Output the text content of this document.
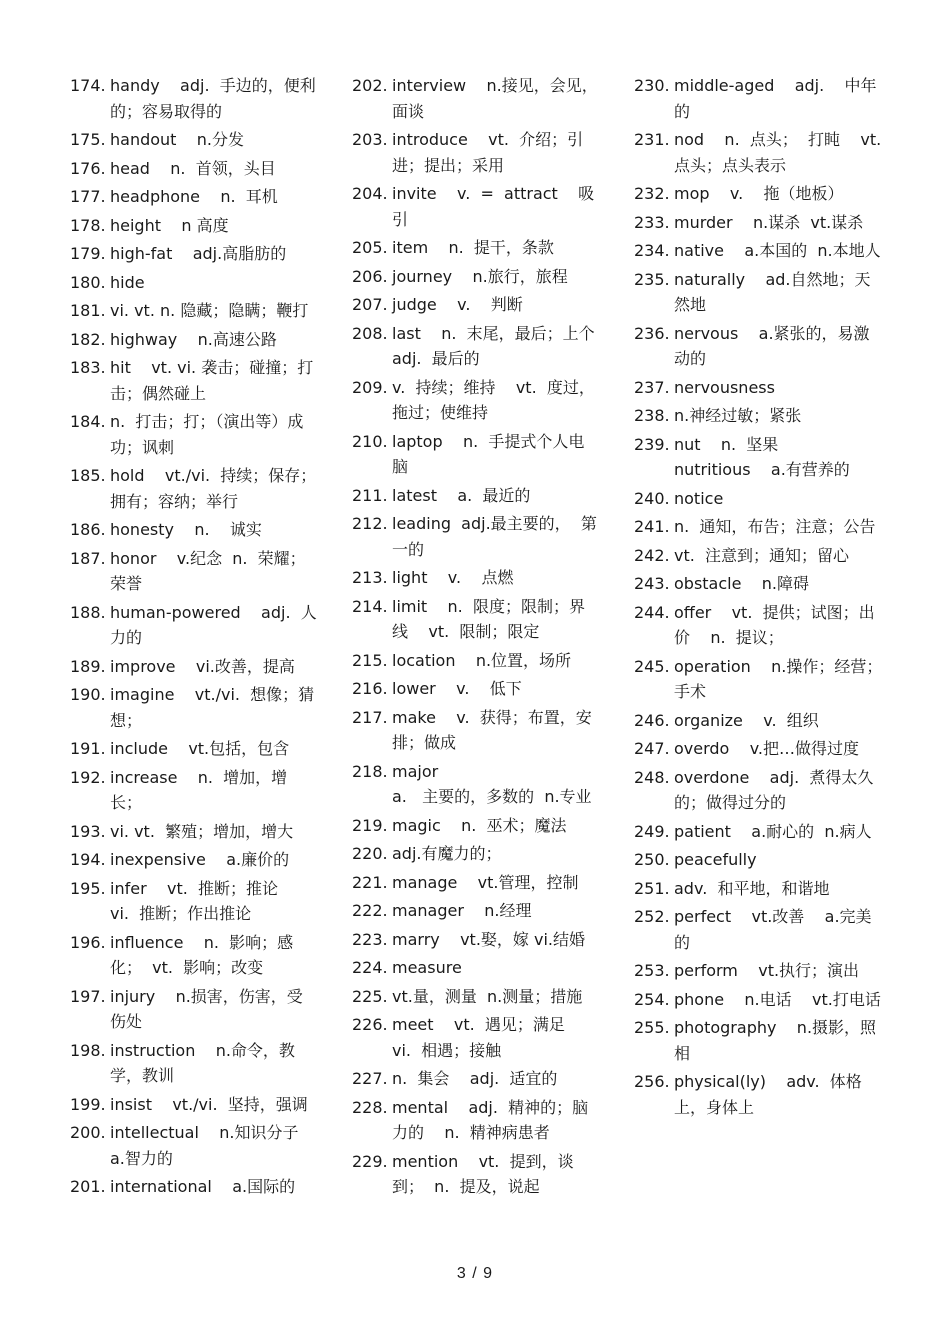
174. handy    adj.  手边的，便利的；容易取得的
175. handout    n.分发
176. head    n.  首领，头目
177. headphone    n.  耳机
178. height    n 高度
179. high-fat    adj.高脂肪的
180. hide
181. vi. vt. n. 隐藏；隐瞒；鞭打
182. highway    n.高速公路
183. hit    vt. vi. 袭击；碰撞；打击；偶然碰上
184. n.  打击；打；（演出等）成功；讽刺
185. hold    vt./vi.  持续；保存；拥有；容纳；举行
186. honesty    n.    诚实
187. honor    v.纪念  n.  荣耀；荣誉
188. human-powered    adj.  人力的
189. improve    vi.改善，提高
190. imagine    vt./vi.  想像；猜想；
191. include    vt.包括，包含
192. increase    n.  增加，增长；
193. vi. vt.  繁殖；增加，增大
194. inexpensive    a.廉价的
195. infer    vt.  推断；推论
vi.  推断；作出推论
196. influence    n.  影响；感化；  vt.  影响；改变
197. injury    n.损害，伤害，受伤处
198. instruction    n.命令，教学，教训
199. insist    vt./vi.  坚持，强调
200. intellectual    n.知识分子
a.智力的
201. international    a.国际的
202. interview    n.接见，会见，面谈
203. introduce    vt.  介绍；引进；提出；采用
204. invite    v.  =  attract    吸引
205. item    n.  提干，条款
206. journey    n.旅行，旅程
207. judge    v.    判断
208. last    n.  末尾，最后；上个  adj.  最后的
209. v.  持续；维持    vt.  度过，拖过；使维持
210. laptop    n.  手提式个人电脑
211. latest    a.  最近的
212. leading  adj.最主要的，  第一的
213. light    v.    点燃
214. limit    n.  限度；限制；界线    vt.  限制；限定
215. location    n.位置，场所
216. lower    v.    低下
217. make    v.  获得；布置，安排；做成
218. major
a.   主要的，多数的  n.专业
219. magic    n.  巫术；魔法
220. adj.有魔力的；
221. manage    vt.管理，控制
222. manager    n.经理
223. marry    vt.娶，嫁 vi.结婚
224. measure
225. vt.量，测量  n.测量；措施
226. meet    vt.  遇见；满足
vi.  相遇；接触
227. n.  集会    adj.  适宜的
228. mental    adj.  精神的；脑力的    n.  精神病患者
229. mention    vt.  提到，谈到；  n.  提及，说起
230. middle-aged    adj.    中年的
231. nod    n.  点头；  打盹    vt.  点头；点头表示
232. mop    v.    拖（地板）
233. murder    n.谋杀  vt.谋杀
234. native    a.本国的  n.本地人
235. naturally    ad.自然地；天然地
236. nervous    a.紧张的，易激动的
237. nervousness
238. n.神经过敏；紧张
239. nut    n.  坚果
nutritious    a.有营养的
240. notice
241. n.  通知，布告；注意；公告
242. vt.  注意到；通知；留心
243. obstacle    n.障碍
244. offer    vt.  提供；试图；出价    n.  提议；
245. operation    n.操作；经营；手术
246. organize    v.  组织
247. overdo    v.把…做得过度
248. overdone    adj.  煮得太久的；做得过分的
249. patient    a.耐心的  n.病人
250. peacefully
251. adv.  和平地，和谐地
252. perfect    vt.改善    a.完美的
253. perform    vt.执行；演出
254. phone    n.电话    vt.打电话
255. photography    n.摄影，照相
256. physical(ly)    adv.  体格上，身体上
3 / 9
